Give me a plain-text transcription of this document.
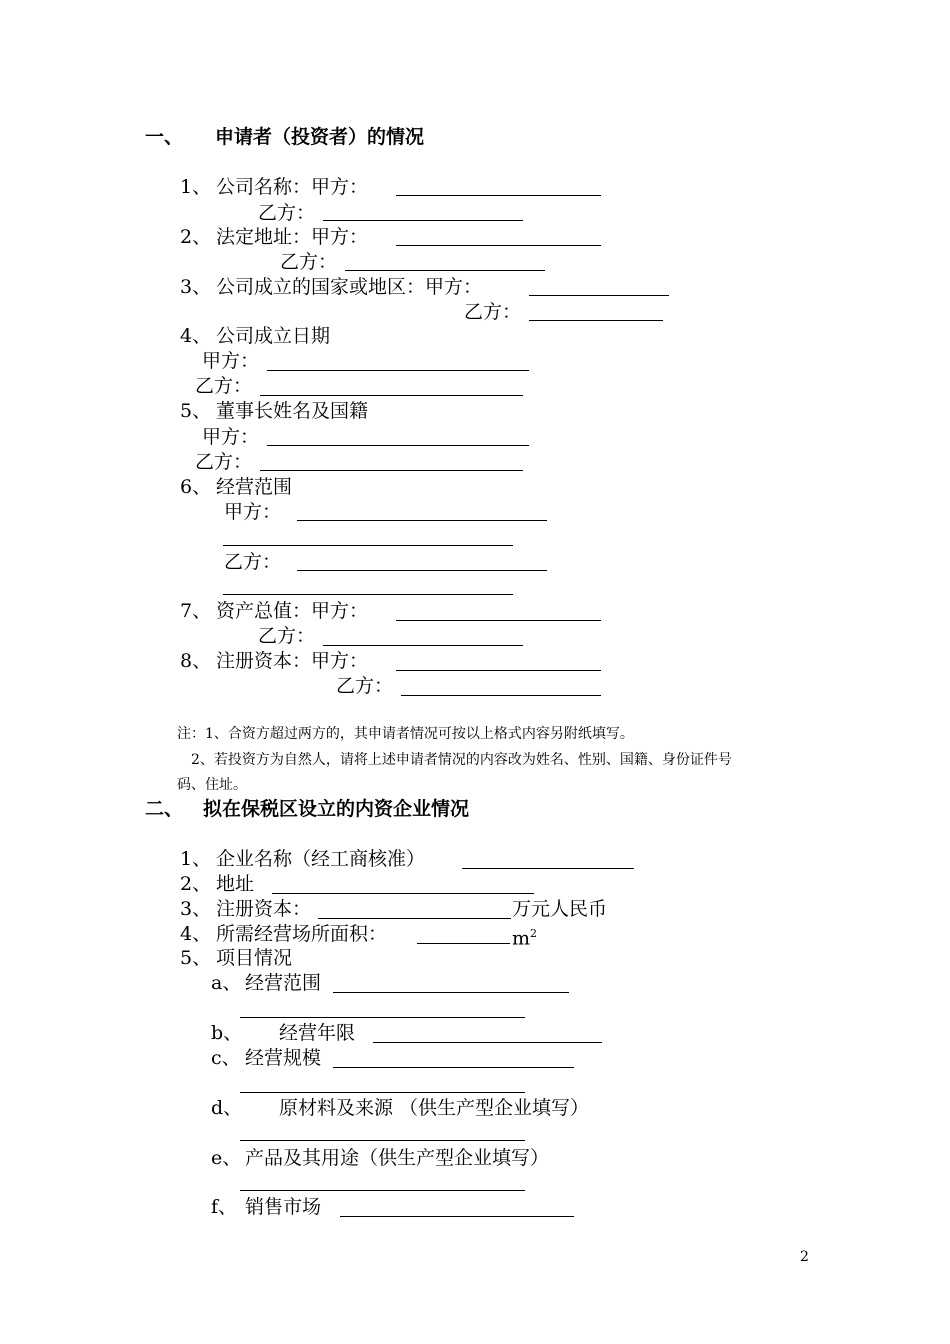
一、 申请者（投资者）的情况
1、 公司名称：甲方：
乙方：
2、 法定地址：甲方：
乙方：
3、 公司成立的国家或地区：甲方：
乙方：
4、 公司成立日期
甲方：
乙方：
5、 董事长姓名及国籍
甲方：
乙方：
6、 经营范围
甲方：
乙方：
7、 资产总值：甲方：
乙方：
8、 注册资本：甲方：
乙方：
注：1、合资方超过两方的，其申请者情况可按以上格式内容另附纸填写。
2、若投资方为自然人，请将上述申请者情况的内容改为姓名、性别、国籍、身份证件号
码、住址。
二、 拟在保税区设立的内资企业情况
1、 企业名称（经工商核准）
2、 地址
3、 注册资本：	万元人民币
4、 所需经营场所面积：	$m^2$
5、 项目情况
a、 经营范围
b、 经营年限
c、 经营规模
d、 原材料及来源 （供生产型企业填写）
e、 产品及其用途（供生产型企业填写）
f、 销售市场
2
